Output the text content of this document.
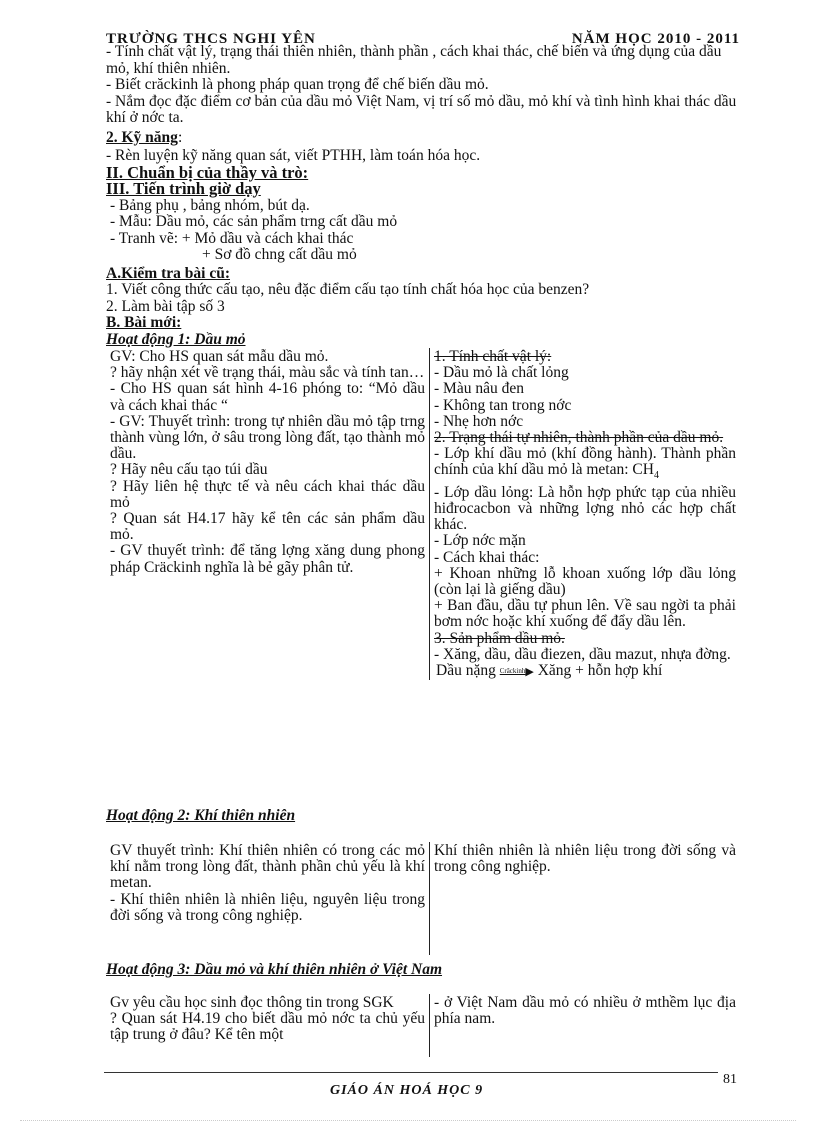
TRƯỜNG THCS NGHI YÊN	NĂM HỌC 2010 - 2011

- Tính chất vật lý, trạng thái thiên nhiên, thành phần , cách khai thác, chế biến và ứng dụng của dầu mỏ, khí thiên nhiên.

- Biết crăckinh là phong pháp quan trọng để chế biến dầu mỏ.

- Nắm đọc đặc điểm cơ bản của dầu mỏ Việt Nam, vị trí số mỏ dầu, mỏ khí và tình hình khai thác dầu khí ở nớc ta.

2. Kỹ năng:

- Rèn luyện kỹ năng quan sát, viết PTHH, làm toán hóa học.

II. Chuẩn bị của thầy và trò:

III. Tiến trình giờ dạy

- Bảng phụ , bảng nhóm, bút dạ.

- Mẫu: Dầu mỏ, các sản phẩm trng cất dầu mỏ

- Tranh vẽ: + Mỏ dầu và cách khai thác

+ Sơ đồ chng cất dầu mỏ

A.Kiểm tra bài cũ:

1. Viết công thức cấu tạo, nêu đặc điểm cấu tạo tính chất hóa học của benzen?

2. Làm bài tập số 3

B. Bài mới:

Hoạt động 1: Dầu mỏ

GV: Cho HS quan sát mẫu dầu mỏ.
? hãy nhận xét về trạng thái, màu sắc và tính tan…
- Cho HS quan sát hình 4-16 phóng to: “Mỏ dầu và cách khai thác “
- GV: Thuyết trình: trong tự nhiên dầu mỏ tập trng thành vùng lớn, ở sâu trong lòng đất, tạo thành mỏ dầu.
? Hãy nêu cấu tạo túi dầu
? Hãy liên hệ thực tế và nêu cách khai thác dầu mỏ
? Quan sát H4.17 hãy kể tên các sản phẩm dầu mỏ.
- GV thuyết trình: để tăng lợng xăng dung phong pháp Cräckinh nghĩa là bẻ gãy phân tử.

1. Tính chất vật lý:
- Dầu mỏ là chất lỏng
- Màu nâu đen
- Không tan trong nớc
- Nhẹ hơn nớc
2. Trạng thái tự nhiên, thành phần của dầu mỏ.
- Lớp khí dầu mỏ (khí đồng hành). Thành phần chính của khí dầu mỏ là metan: $CH_4$
- Lớp dầu lỏng: Là hỗn hợp phức tạp của nhiều hiđrocacbon và những lợng nhỏ các hợp chất khác.
- Lớp nớc mặn
- Cách khai thác:
+ Khoan những lỗ khoan xuống lớp dầu lỏng (còn lại là giếng dầu)
+ Ban đầu, dầu tự phun lên. Về sau ngời ta phải bơm nớc hoặc khí xuống để đẩy dầu lên.
3. Sản phẩm dầu mỏ.
- Xăng, dầu, dầu điezen, dầu mazut, nhựa đờng.
Dầu nặng Crăckinh▶ Xăng + hỗn hợp khí

Hoạt động 2: Khí thiên nhiên

GV thuyết trình: Khí thiên nhiên có trong các mỏ khí nằm trong lòng đất, thành phần chủ yếu là khí metan.
- Khí thiên nhiên là nhiên liệu, nguyên liệu trong đời sống và trong công nghiệp.
	Khí thiên nhiên là nhiên liệu trong đời sống và trong công nghiệp.

Hoạt động 3: Dầu mỏ và khí thiên nhiên ở Việt Nam

Gv yêu cầu học sinh đọc thông tin trong SGK
? Quan sát H4.19 cho biết dầu mỏ nớc ta chủ yếu tập trung ở đâu? Kể tên một
	- ở Việt Nam dầu mỏ có nhiều ở mthềm lục địa phía nam.
GIÁO ÁN HOÁ HỌC 9
81
